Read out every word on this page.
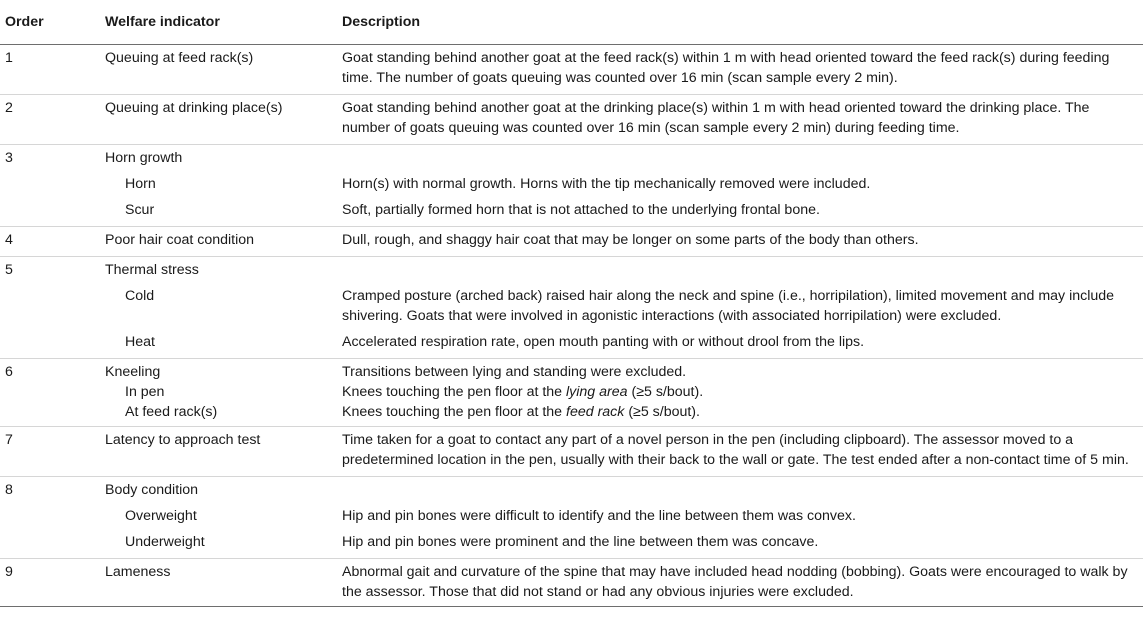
Order	Welfare indicator	Description
1	Queuing at feed rack(s)	Goat standing behind another goat at the feed rack(s) within 1 m with head oriented toward the feed rack(s) during feeding time. The number of goats queuing was counted over 16 min (scan sample every 2 min).
2	Queuing at drinking place(s)	Goat standing behind another goat at the drinking place(s) within 1 m with head oriented toward the drinking place. The number of goats queuing was counted over 16 min (scan sample every 2 min) during feeding time.
3	Horn growth	
	Horn	Horn(s) with normal growth. Horns with the tip mechanically removed were included.
	Scur	Soft, partially formed horn that is not attached to the underlying frontal bone.
4	Poor hair coat condition	Dull, rough, and shaggy hair coat that may be longer on some parts of the body than others.
5	Thermal stress	
	Cold	Cramped posture (arched back) raised hair along the neck and spine (i.e., horripilation), limited movement and may include shivering. Goats that were involved in agonistic interactions (with associated horripilation) were excluded.
	Heat	Accelerated respiration rate, open mouth panting with or without drool from the lips.
6	Kneeling	Transitions between lying and standing were excluded.
	In pen	Knees touching the pen floor at the lying area (≥5 s/bout).
	At feed rack(s)	Knees touching the pen floor at the feed rack (≥5 s/bout).
7	Latency to approach test	Time taken for a goat to contact any part of a novel person in the pen (including clipboard). The assessor moved to a predetermined location in the pen, usually with their back to the wall or gate. The test ended after a non-contact time of 5 min.
8	Body condition	
	Overweight	Hip and pin bones were difficult to identify and the line between them was convex.
	Underweight	Hip and pin bones were prominent and the line between them was concave.
9	Lameness	Abnormal gait and curvature of the spine that may have included head nodding (bobbing). Goats were encouraged to walk by the assessor. Those that did not stand or had any obvious injuries were excluded.
